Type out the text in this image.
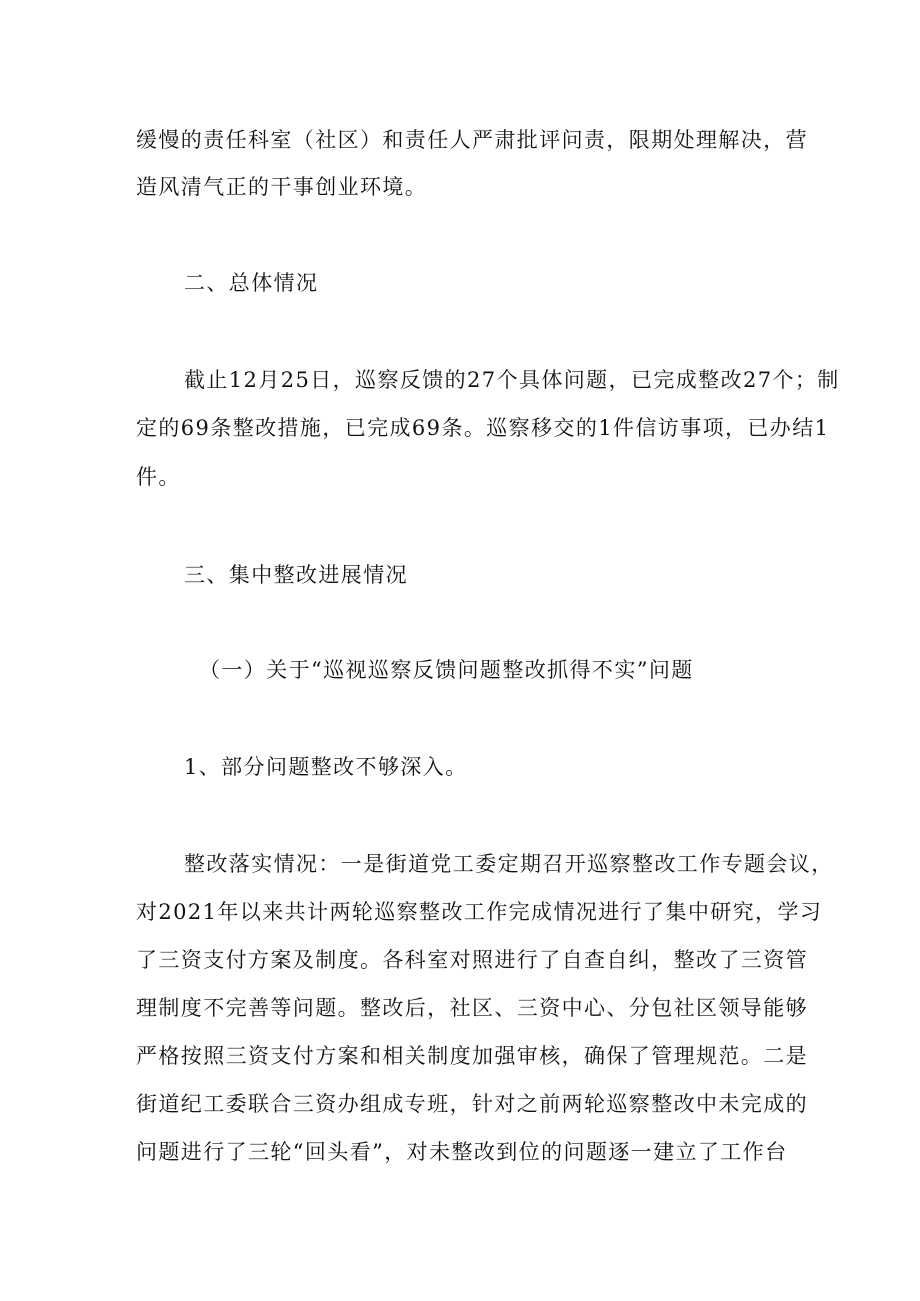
缓慢的责任科室（社区）和责任人严肃批评问责，限期处理解决，营
造风清气正的干事创业环境。
二、总体情况
截止12月25日，巡察反馈的27个具体问题，已完成整改27个；制
定的69条整改措施，已完成69条。巡察移交的1件信访事项，已办结1
件。
三、集中整改进展情况
（一）关于“巡视巡察反馈问题整改抓得不实”问题
1、部分问题整改不够深入。
整改落实情况：一是街道党工委定期召开巡察整改工作专题会议，
对2021年以来共计两轮巡察整改工作完成情况进行了集中研究，学习
了三资支付方案及制度。各科室对照进行了自查自纠，整改了三资管
理制度不完善等问题。整改后，社区、三资中心、分包社区领导能够
严格按照三资支付方案和相关制度加强审核，确保了管理规范。二是
街道纪工委联合三资办组成专班，针对之前两轮巡察整改中未完成的
问题进行了三轮“回头看”，对未整改到位的问题逐一建立了工作台
